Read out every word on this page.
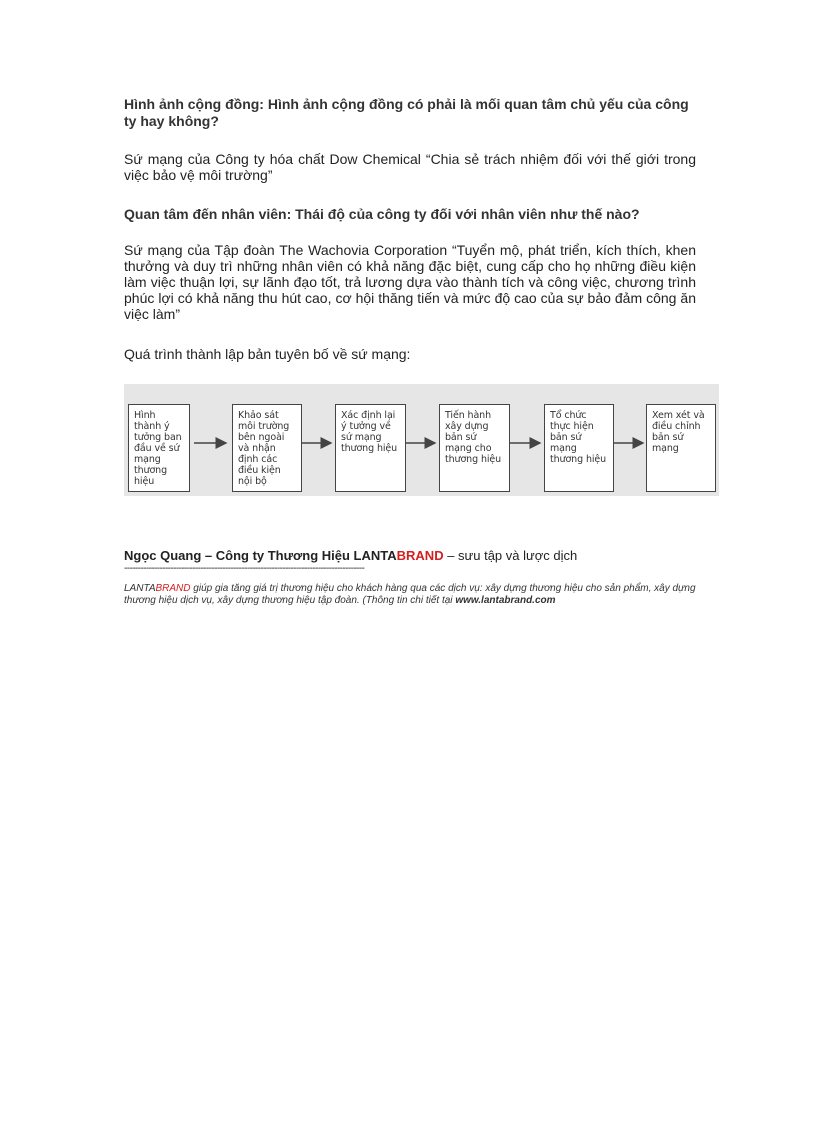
Hình ảnh cộng đồng: Hình ảnh cộng đồng có phải là mối quan tâm chủ yếu của công ty hay không?
Sứ mạng của Công ty hóa chất Dow Chemical “Chia sẻ trách nhiệm đối với thế giới trong việc bảo vệ môi trường”
Quan tâm đến nhân viên: Thái độ của công ty đối với nhân viên như thế nào?
Sứ mạng của Tập đoàn The Wachovia Corporation “Tuyển mộ, phát triển, kích thích, khen thưởng và duy trì những nhân viên có khả năng đặc biệt, cung cấp cho họ những điều kiện làm việc thuận lợi, sự lãnh đạo tốt, trả lương dựa vào thành tích và công việc, chương trình phúc lợi có khả năng thu hút cao, cơ hội thăng tiến và mức độ cao của sự bảo đảm công ăn việc làm”
Quá trình thành lập bản tuyên bố về sứ mạng:
Hình thành ý tưởng ban đầu về sứ mạng thương hiệu
Khảo sát môi trường bên ngoài và nhận định các điều kiện nội bộ
Xác định lại ý tưởng về sứ mạng thương hiệu
Tiến hành xây dựng bản sứ mạng cho thương hiệu
Tổ chức thực hiện bản sứ mạng thương hiệu
Xem xét và điều chỉnh bản sứ mạng
Ngọc Quang – Công ty Thương Hiệu LANTABRAND – sưu tập và lược dịch
----------------------------------------------------------------------------------------
LANTABRAND giúp gia tăng giá trị thương hiệu cho khách hàng qua các dịch vụ: xây dựng thương hiệu cho sản phẩm, xây dựng thương hiệu dịch vụ, xây dựng thương hiệu tập đoàn. (Thông tin chi tiết tại www.lantabrand.com
